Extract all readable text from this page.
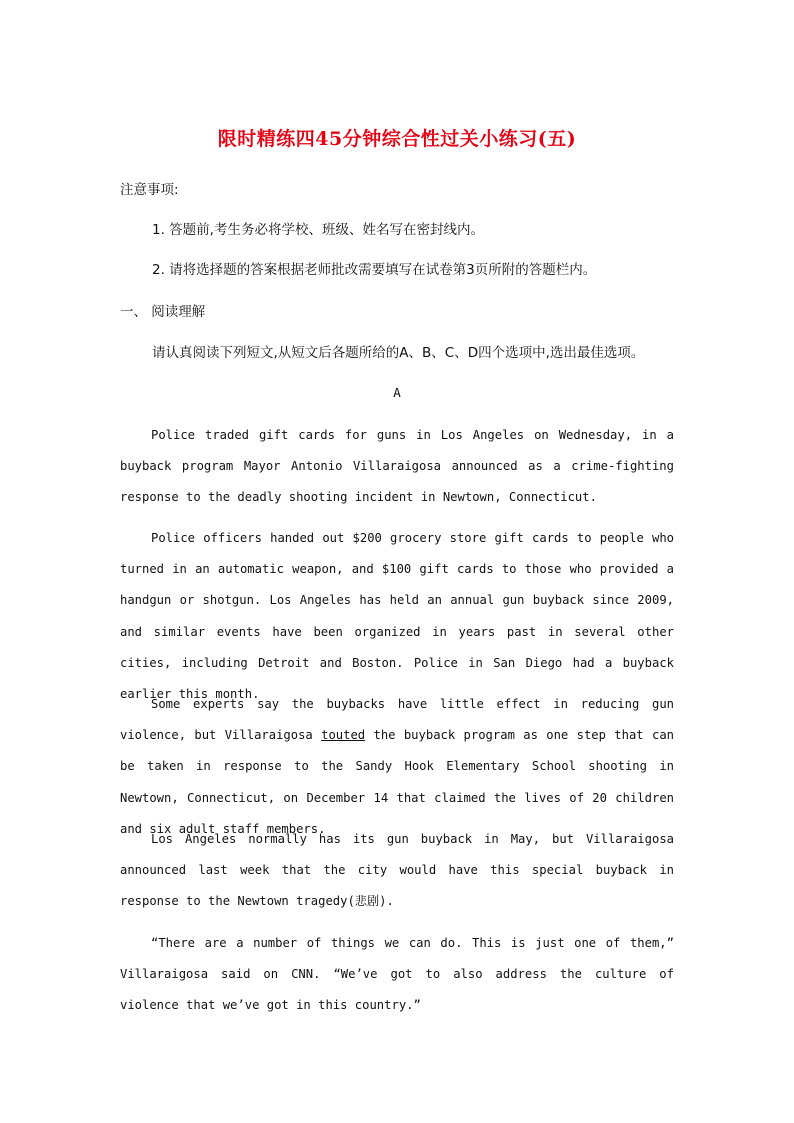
限时精练四45分钟综合性过关小练习(五)
注意事项:
1. 答题前,考生务必将学校、班级、姓名写在密封线内。
2. 请将选择题的答案根据老师批改需要填写在试卷第3页所附的答题栏内。
一、 阅读理解
请认真阅读下列短文,从短文后各题所给的A、B、C、D四个选项中,选出最佳选项。
A

Police traded gift cards for guns in Los Angeles on Wednesday, in a buyback program Mayor Antonio Villaraigosa announced as a crime-fighting response to the deadly shooting incident in Newtown, Connecticut.

Police officers handed out $200 grocery store gift cards to people who turned in an automatic weapon, and $100 gift cards to those who provided a handgun or shotgun. Los Angeles has held an annual gun buyback since 2009, and similar events have been organized in years past in several other cities, including Detroit and Boston. Police in San Diego had a buyback earlier this month.

Some experts say the buybacks have little effect in reducing gun violence, but Villaraigosa touted the buyback program as one step that can be taken in response to the Sandy Hook Elementary School shooting in Newtown, Connecticut, on December 14 that claimed the lives of 20 children and six adult staff members.

Los Angeles normally has its gun buyback in May, but Villaraigosa announced last week that the city would have this special buyback in response to the Newtown tragedy(悲剧).

“There are a number of things we can do. This is just one of them,” Villaraigosa said on CNN. “We’ve got to also address the culture of violence that we’ve got in this country.”
